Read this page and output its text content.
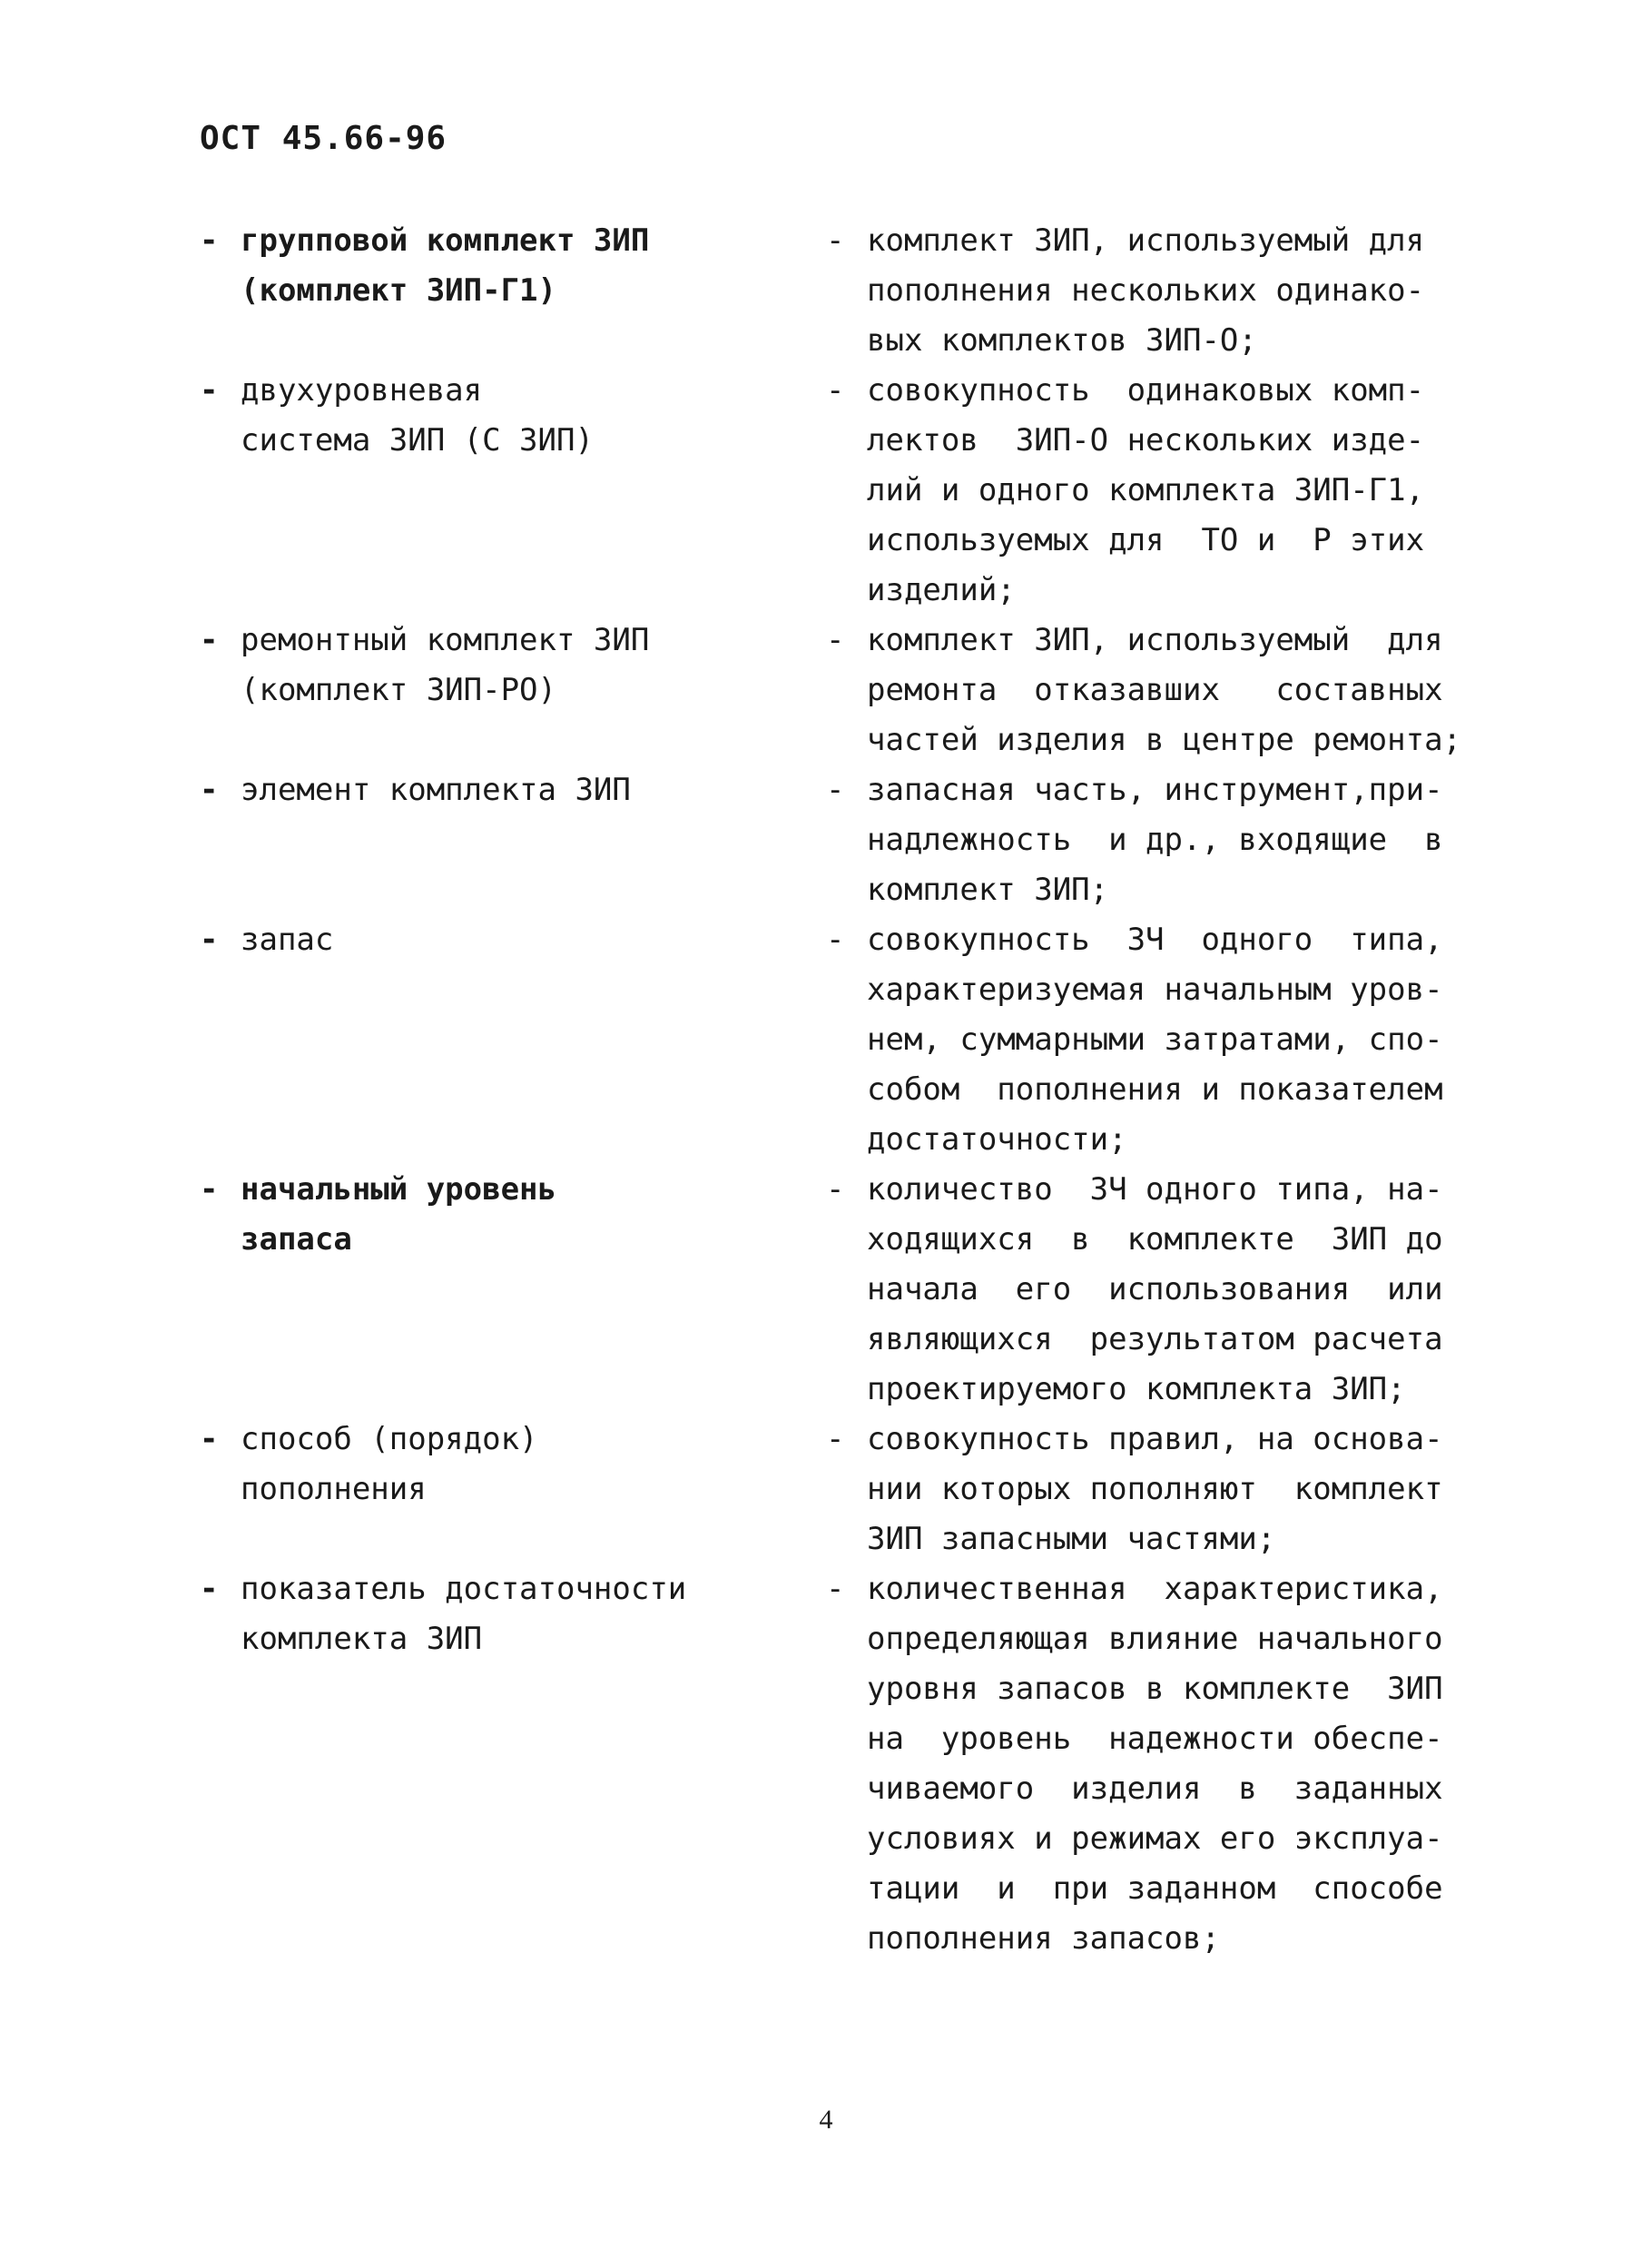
ОСТ 45.66-96
- групповой комплект ЗИП
(комплект ЗИП-Г1)
- комплект ЗИП, используемый для
пополнения нескольких одинако-
вых комплектов ЗИП-О;
- двухуровневая
система ЗИП (С ЗИП)
- совокупность  одинаковых комп-
лектов  ЗИП-О нескольких изде-
лий и одного комплекта ЗИП-Г1,
используемых для  ТО и  Р этих
изделий;
- ремонтный комплект ЗИП
(комплект ЗИП-РО)
- комплект ЗИП, используемый  для
ремонта  отказавших   составных
частей изделия в центре ремонта;
- элемент комплекта ЗИП	- запасная часть, инструмент,при-
надлежность  и др., входящие  в
комплект ЗИП;
- запас	- совокупность  ЗЧ  одного  типа,
характеризуемая начальным уров-
нем, суммарными затратами, спо-
собом  пополнения и показателем
достаточности;
- начальный уровень
запаса
- количество  ЗЧ одного типа, на-
ходящихся  в  комплекте  ЗИП до
начала  его  использования  или
являющихся  результатом расчета
проектируемого комплекта ЗИП;
- способ (порядок)
пополнения
- совокупность правил, на основа-
нии которых пополняют  комплект
ЗИП запасными частями;
- показатель достаточности
комплекта ЗИП
- количественная  характеристика,
определяющая влияние начального
уровня запасов в комплекте  ЗИП
на  уровень  надежности обеспе-
чиваемого  изделия  в  заданных
условиях и режимах его эксплуа-
тации  и  при заданном  способе
пополнения запасов;
4
